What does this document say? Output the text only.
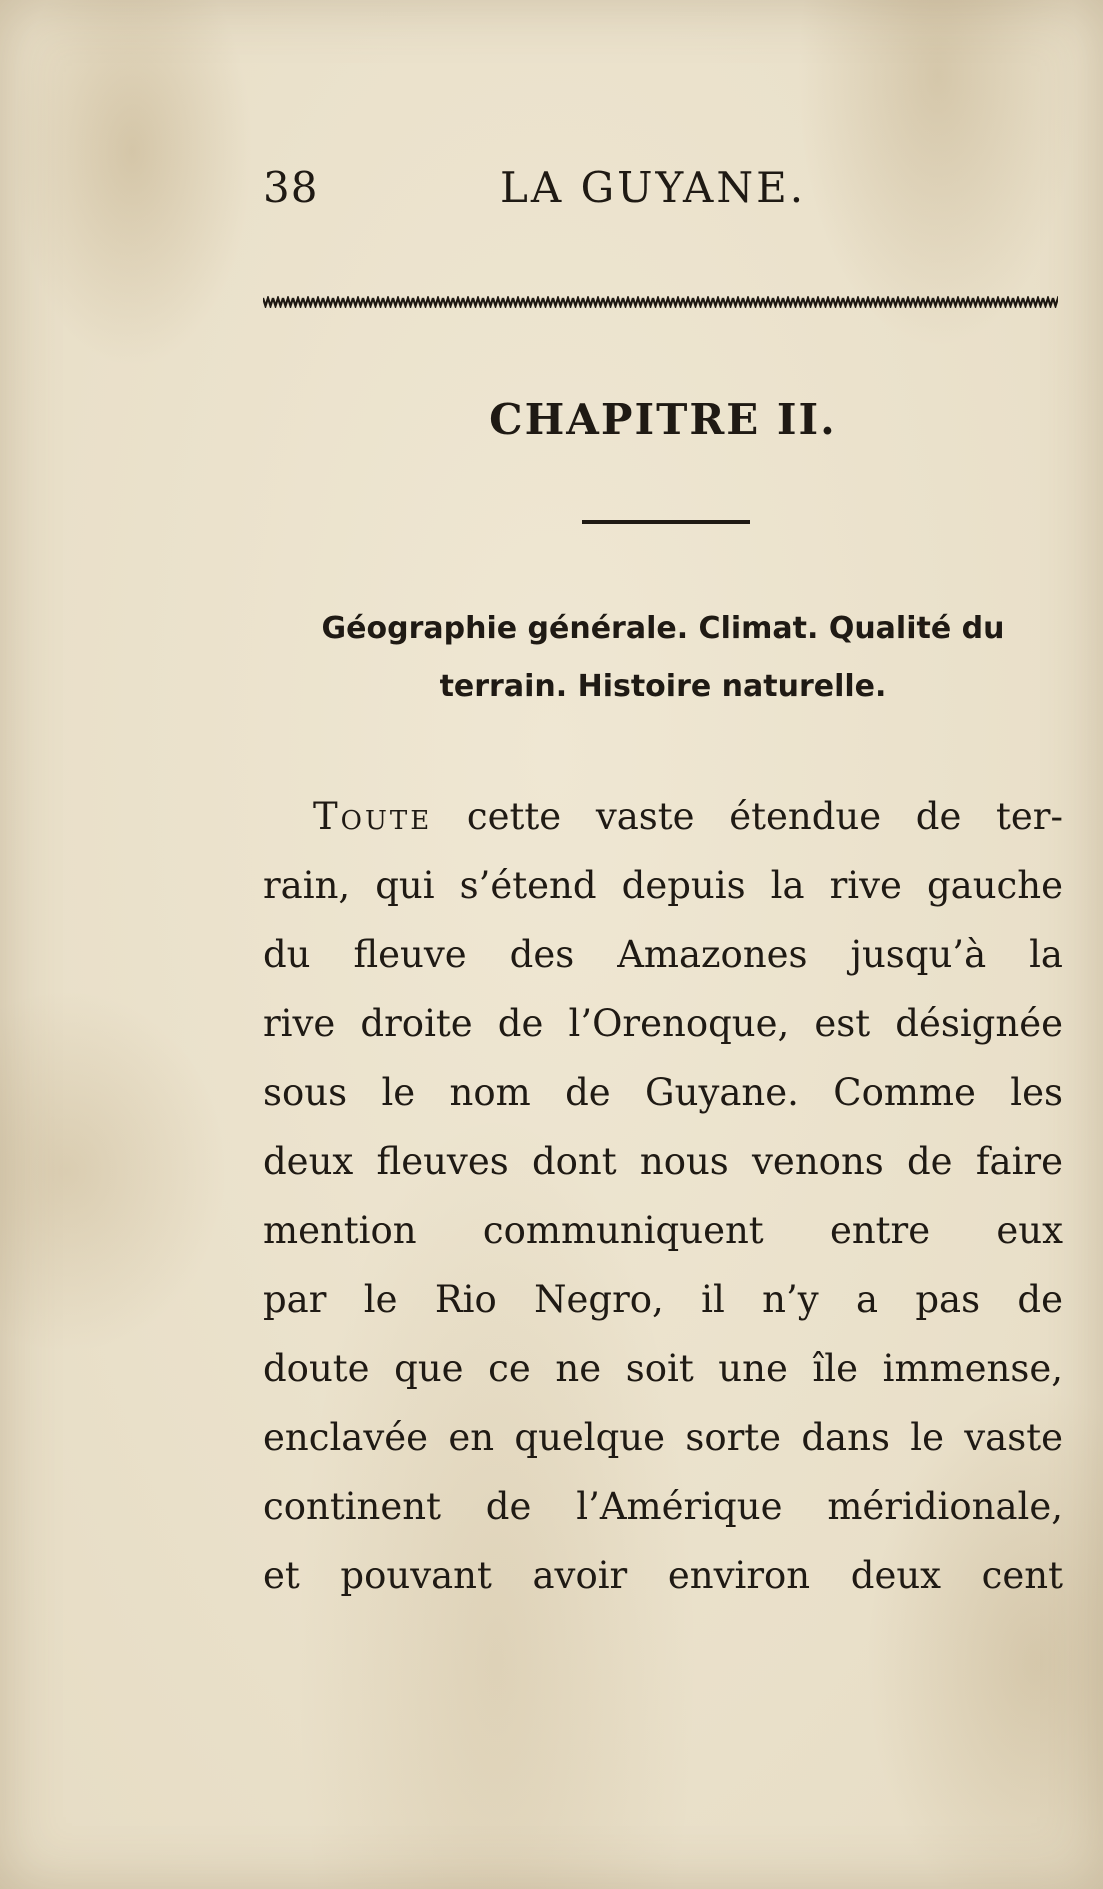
38	LA GUYANE.
CHAPITRE II.

Géographie générale. Climat. Qualité du

terrain. Histoire naturelle.

Toute cette vaste étendue de ter-
rain, qui s’étend depuis la rive gauche
du fleuve des Amazones jusqu’à la
rive droite de l’Orenoque, est désignée
sous le nom de Guyane. Comme les
deux fleuves dont nous venons de faire
mention communiquent entre eux
par le Rio Negro, il n’y a pas de
doute que ce ne soit une île immense,
enclavée en quelque sorte dans le vaste
continent de l’Amérique méridionale,
et pouvant avoir environ deux cent
